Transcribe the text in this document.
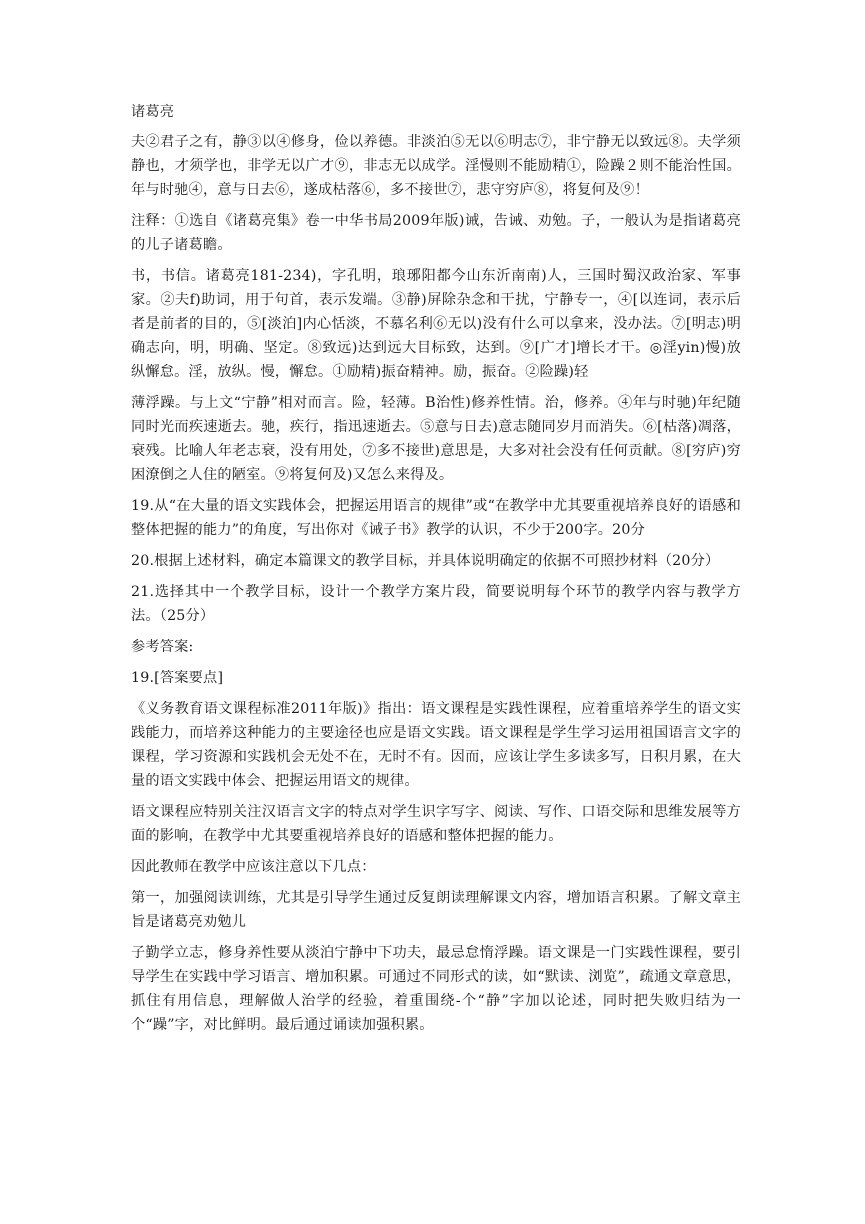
诸葛亮

夫②君子之有，静③以④修身，俭以养德。非淡泊⑤无以⑥明志⑦，非宁静无以致远⑧。夫学须静也，才须学也，非学无以广才⑨，非志无以成学。淫慢则不能励精①，险躁２则不能治性国。年与时驰④，意与日去⑥，遂成枯落⑥，多不接世⑦，悲守穷庐⑧，将复何及⑨！

注释：①选自《诸葛亮集》卷一中华书局2009年版)诫，告诫、劝勉。子，一般认为是指诸葛亮的儿子诸葛瞻。

书，书信。诸葛亮181-234)，字孔明，琅琊阳都今山东沂南南)人，三国时蜀汉政治家、军事家。②夫f)助词，用于句首，表示发端。③静)屏除杂念和干扰，宁静专一，④[以连词，表示后者是前者的目的，⑤[淡泊]内心恬淡，不慕名利⑥无以)没有什么可以拿来，没办法。⑦[明志)明确志向，明，明确、坚定。⑧致远)达到远大目标致，达到。⑨[广才]增长才干。◎淫yin)慢)放纵懈怠。淫，放纵。慢，懈怠。①励精)振奋精神。励，振奋。②险躁)轻

薄浮躁。与上文“宁静”相对而言。险，轻薄。B治性)修养性情。治，修养。④年与时驰)年纪随同时光而疾速逝去。驰，疾行，指迅速逝去。⑤意与日去)意志随同岁月而消失。⑥[枯落)凋落，衰残。比喻人年老志衰，没有用处，⑦多不接世)意思是，大多对社会没有任何贡献。⑧[穷庐)穷困潦倒之人住的陋室。⑨将复何及)又怎么来得及。

19.从“在大量的语文实践体会，把握运用语言的规律”或“在教学中尤其要重视培养良好的语感和整体把握的能力”的角度，写出你对《诫子书》教学的认识，不少于200字。20分

20.根据上述材料，确定本篇课文的教学目标，并具体说明确定的依据不可照抄材料（20分）

21.选择其中一个教学目标，设计一个教学方案片段，简要说明每个环节的教学内容与教学方法。（25分）

参考答案:

19.[答案要点]

《义务教育语文课程标准2011年版)》指出：语文课程是实践性课程，应着重培养学生的语文实践能力，而培养这种能力的主要途径也应是语文实践。语文课程是学生学习运用祖国语言文字的课程，学习资源和实践机会无处不在，无时不有。因而，应该让学生多读多写，日积月累，在大量的语文实践中体会、把握运用语文的规律。

语文课程应特别关注汉语言文字的特点对学生识字写字、阅读、写作、口语交际和思维发展等方面的影响，在教学中尤其要重视培养良好的语感和整体把握的能力。

因此教师在教学中应该注意以下几点：

第一，加强阅读训练，尤其是引导学生通过反复朗读理解课文内容，增加语言积累。了解文章主旨是诸葛亮劝勉儿

子勤学立志，修身养性要从淡泊宁静中下功夫，最忌怠惰浮躁。语文课是一门实践性课程，要引导学生在实践中学习语言、增加积累。可通过不同形式的读，如“默读、浏览”，疏通文章意思，抓住有用信息，理解做人治学的经验，着重围绕-个“静”字加以论述，同时把失败归结为一个“躁”字，对比鲜明。最后通过诵读加强积累。
